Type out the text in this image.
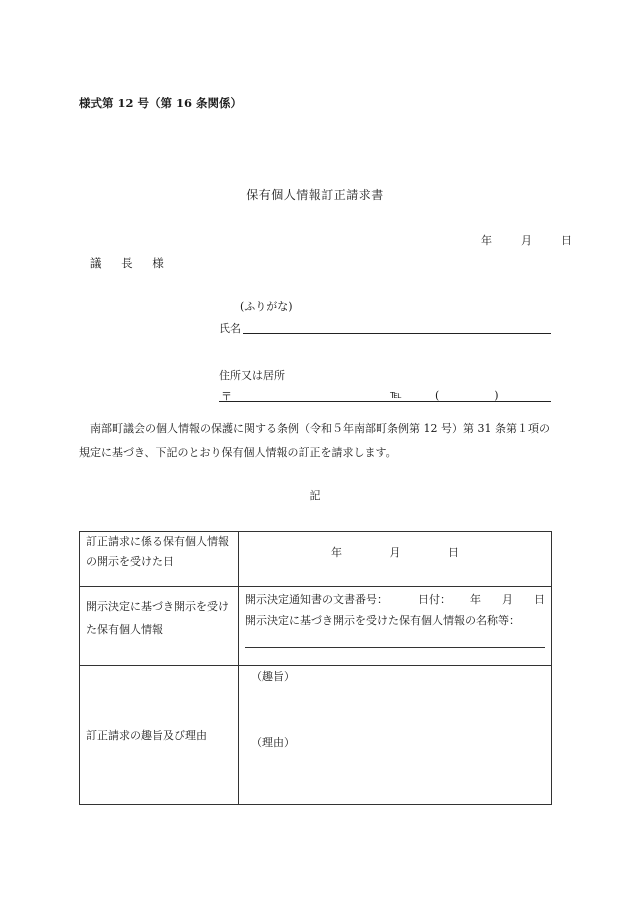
様式第 12 号（第 16 条関係）
保有個人情報訂正請求書
年	月	日
議 長 様
(ふりがな)
氏名
住所又は居所
〒	℡	(　　　　　)
南部町議会の個人情報の保護に関する条例（令和５年南部町条例第 12 号）第 31 条第１項の規定に基づき、下記のとおり保有個人情報の訂正を請求します。
記
訂正請求に係る保有個人情報の開示を受けた日	年 月 日
開示決定に基づき開示を受けた保有個人情報	開示決定通知書の文書番号： 日付： 年 月 日
開示決定に基づき開示を受けた保有個人情報の名称等：

訂正請求の趣旨及び理由	（趣旨）
（理由）
